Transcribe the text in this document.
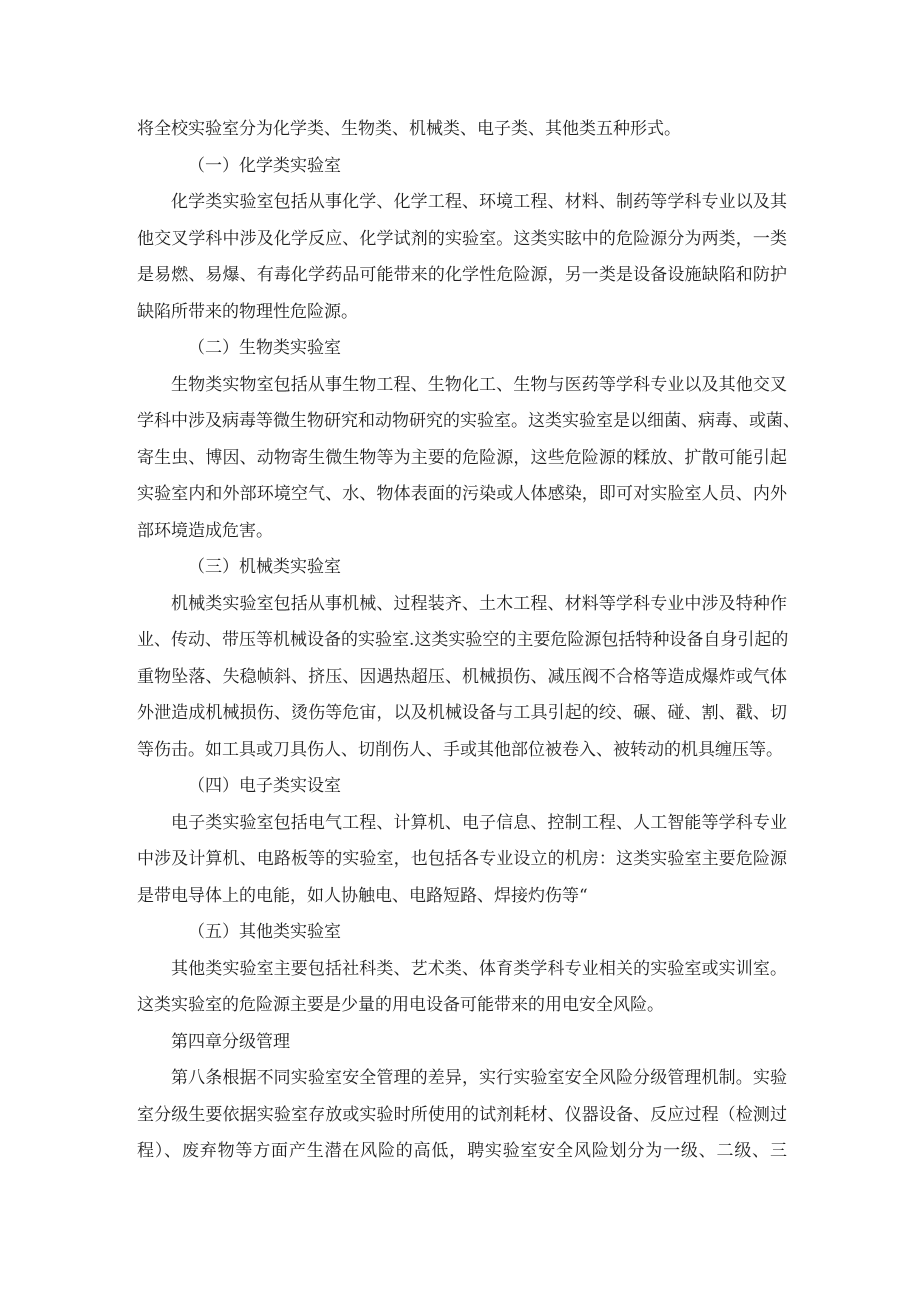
将全校实验室分为化学类、生物类、机械类、电子类、其他类五种形式。
（一）化学类实验室
化学类实验室包括从事化学、化学工程、环境工程、材料、制药等学科专业以及其
他交叉学科中涉及化学反应、化学试剂的实验室。这类实眩中的危险源分为两类，一类
是易燃、易爆、有毒化学药品可能带来的化学性危险源，另一类是设备设施缺陷和防护
缺陷所带来的物理性危险源。
（二）生物类实验室
生物类实物室包括从事生物工程、生物化工、生物与医药等学科专业以及其他交叉
学科中涉及病毒等微生物研究和动物研究的实验室。这类实验室是以细菌、病毒、或菌、
寄生虫、博因、动物寄生微生物等为主要的危险源，这些危险源的糅放、扩散可能引起
实验室内和外部环境空气、水、物体表面的污染或人体感染，即可对实脸室人员、内外
部环境造成危害。
（三）机械类实验室
机械类实验室包括从事机械、过程装齐、土木工程、材料等学科专业中涉及特种作
业、传动、带压等机械设备的实验室.这类实验空的主要危险源包括特种设备自身引起的
重物坠落、失稳帧斜、挤压、因遇热超压、机械损伤、减压阀不合格等造成爆炸或气体
外泄造成机械损伤、烫伤等危宙，以及机械设备与工具引起的绞、碾、碰、割、戳、切
等伤击。如工具或刀具伤人、切削伤人、手或其他部位被卷入、被转动的机具缠压等。
（四）电子类实设室
电子类实验室包括电气工程、计算机、电子信息、控制工程、人工智能等学科专业
中涉及计算机、电路板等的实验室，也包括各专业设立的机房：这类实验室主要危险源
是带电导体上的电能，如人协触电、电路短路、焊接灼伤等“
（五）其他类实验室
其他类实验室主要包括社科类、艺术类、体育类学科专业相关的实验室或实训室。
这类实验室的危险源主要是少量的用电设备可能带来的用电安全风险。
第四章分级管理
第八条根据不同实验室安全管理的差异，实行实验室安全风险分级管理机制。实验
室分级生要依据实验室存放或实验时所使用的试剂耗材、仪器设备、反应过程（检测过
程）、废弃物等方面产生潜在风险的高低，聘实验室安全风险划分为一级、二级、三
